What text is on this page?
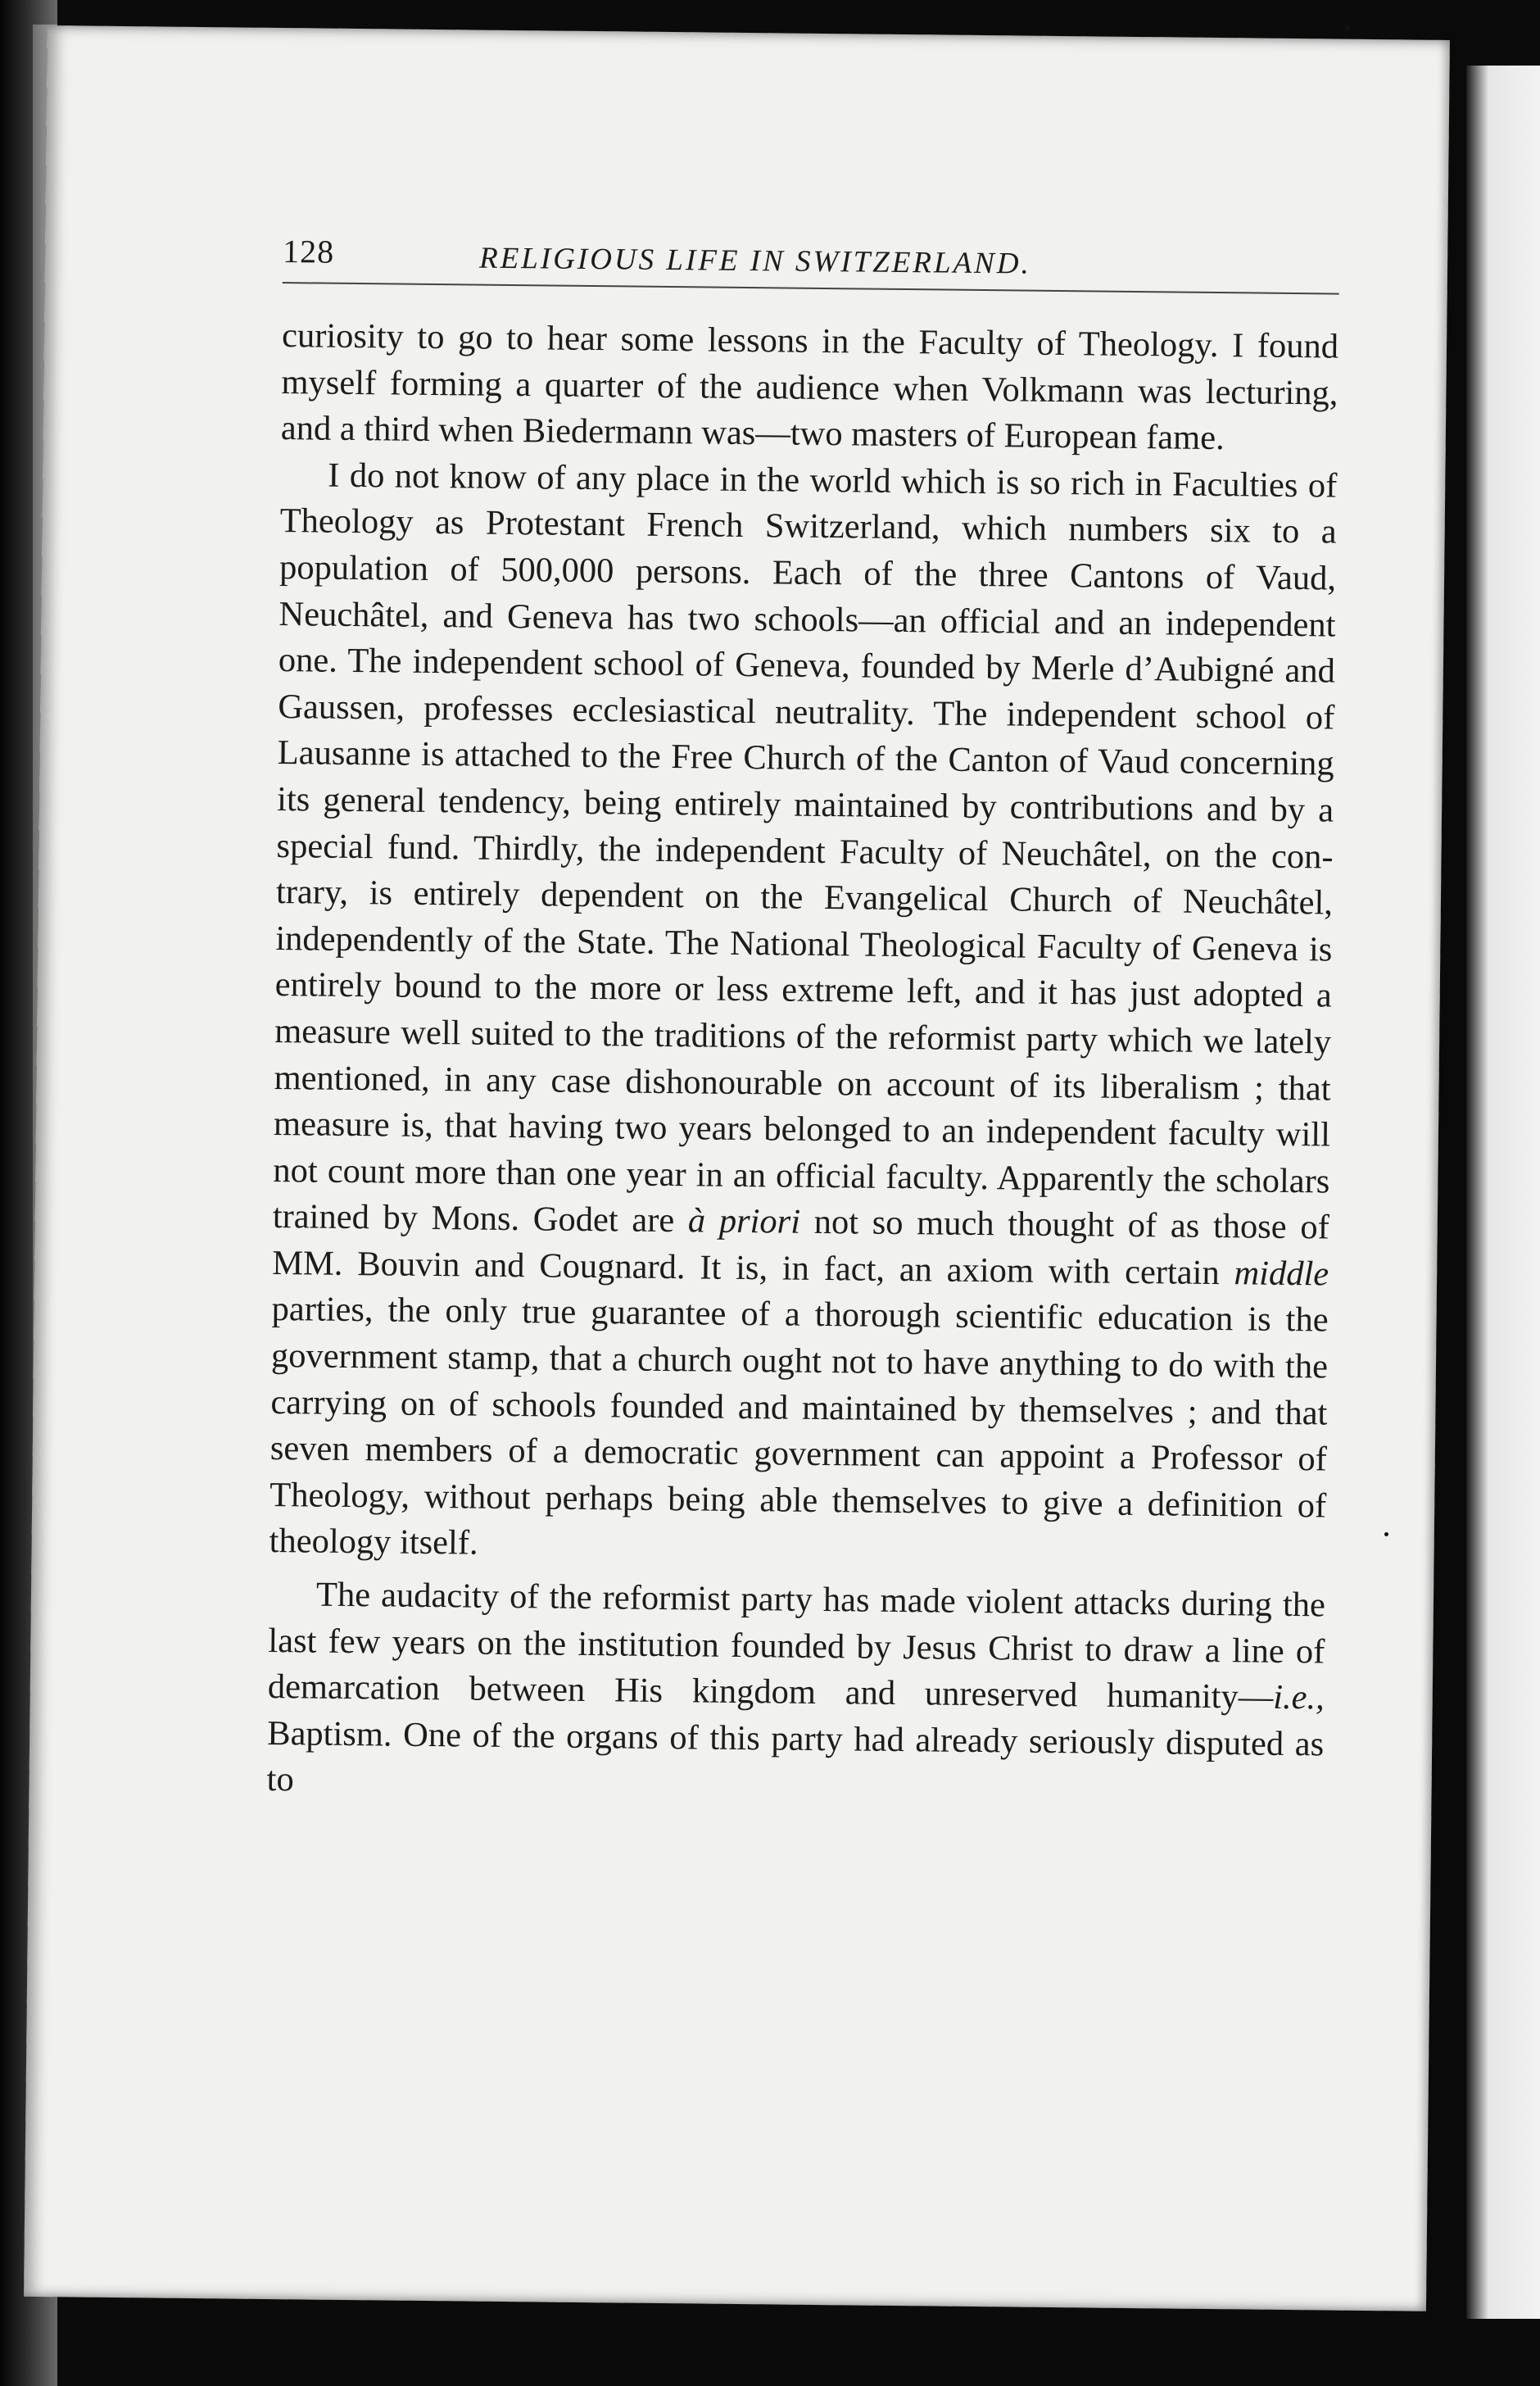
128	RELIGIOUS LIFE IN SWITZERLAND.

curiosity to go to hear some lessons in the Faculty of Theology. I found myself forming a quarter of the audience when Volkmann was lecturing, and a third when Biedermann was—two masters of European fame.

I do not know of any place in the world which is so rich in Faculties of Theology as Protestant French Switzerland, which numbers six to a population of 500,000 persons. Each of the three Cantons of Vaud, Neuchâtel, and Geneva has two schools—an official and an independent one. The independent school of Geneva, founded by Merle d’Aubigné and Gaussen, professes ecclesiastical neutrality. The independent school of Lausanne is attached to the Free Church of the Canton of Vaud concerning its general tendency, being entirely maintained by contributions and by a special fund. Thirdly, the independent Faculty of Neuchâtel, on the contrary, is entirely dependent on the Evangelical Church of Neuchâtel, independently of the State. The National Theological Faculty of Geneva is entirely bound to the more or less extreme left, and it has just adopted a measure well suited to the traditions of the reformist party which we lately mentioned, in any case dishonourable on account of its liberalism ; that measure is, that having two years belonged to an independent faculty will not count more than one year in an official faculty. Apparently the scholars trained by Mons. Godet are à priori not so much thought of as those of MM. Bouvin and Cougnard. It is, in fact, an axiom with certain middle parties, the only true guarantee of a thorough scientific education is the government stamp, that a church ought not to have anything to do with the carrying on of schools founded and maintained by themselves ; and that seven members of a democratic government can appoint a Professor of Theology, without perhaps being able themselves to give a definition of theology itself.

The audacity of the reformist party has made violent attacks during the last few years on the institution founded by Jesus Christ to draw a line of demarcation between His kingdom and unreserved humanity—i.e., Baptism. One of the organs of this party had already seriously disputed as to
